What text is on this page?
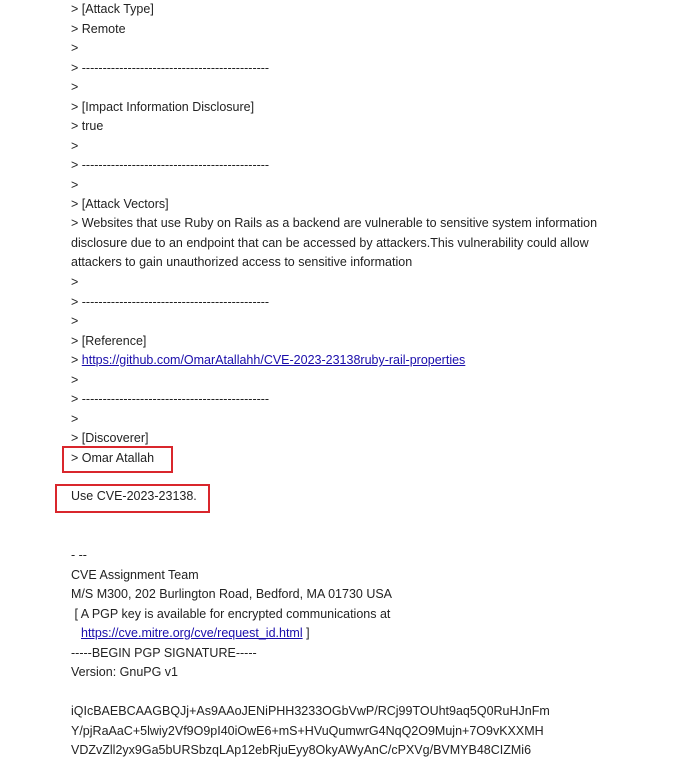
> [Attack Type]
> Remote
>
> ---------------------------------------------
>
> [Impact Information Disclosure]
> true
>
> ---------------------------------------------
>
> [Attack Vectors]
> Websites that use Ruby on Rails as a backend are vulnerable to sensitive system information disclosure due to an endpoint that can be accessed by attackers.This vulnerability could allow attackers to gain unauthorized access to sensitive information
>
> ---------------------------------------------
>
> [Reference]
> https://github.com/OmarAtallahh/CVE-2023-23138ruby-rail-properties
>
> ---------------------------------------------
>
> [Discoverer]
> Omar Atallah
Use CVE-2023-23138.
- --
CVE Assignment Team
M/S M300, 202 Burlington Road, Bedford, MA 01730 USA
[ A PGP key is available for encrypted communications at
https://cve.mitre.org/cve/request_id.html ]
-----BEGIN PGP SIGNATURE-----
Version: GnuPG v1
iQIcBAEBCAAGBQJj+As9AAoJENiPHH3233OGbVwP/RCj99TOUht9aq5Q0RuHJnFm
Y/pjRaAaC+5lwiy2Vf9O9pI40iOwE6+mS+HVuQumwrG4NqQ2O9Mujn+7O9vKXXMH
VDZvZll2yx9Ga5bURSbzqLAp12ebRjuEyy8OkyAWyAnC/cPXVg/BVMYB48CIZMi6
